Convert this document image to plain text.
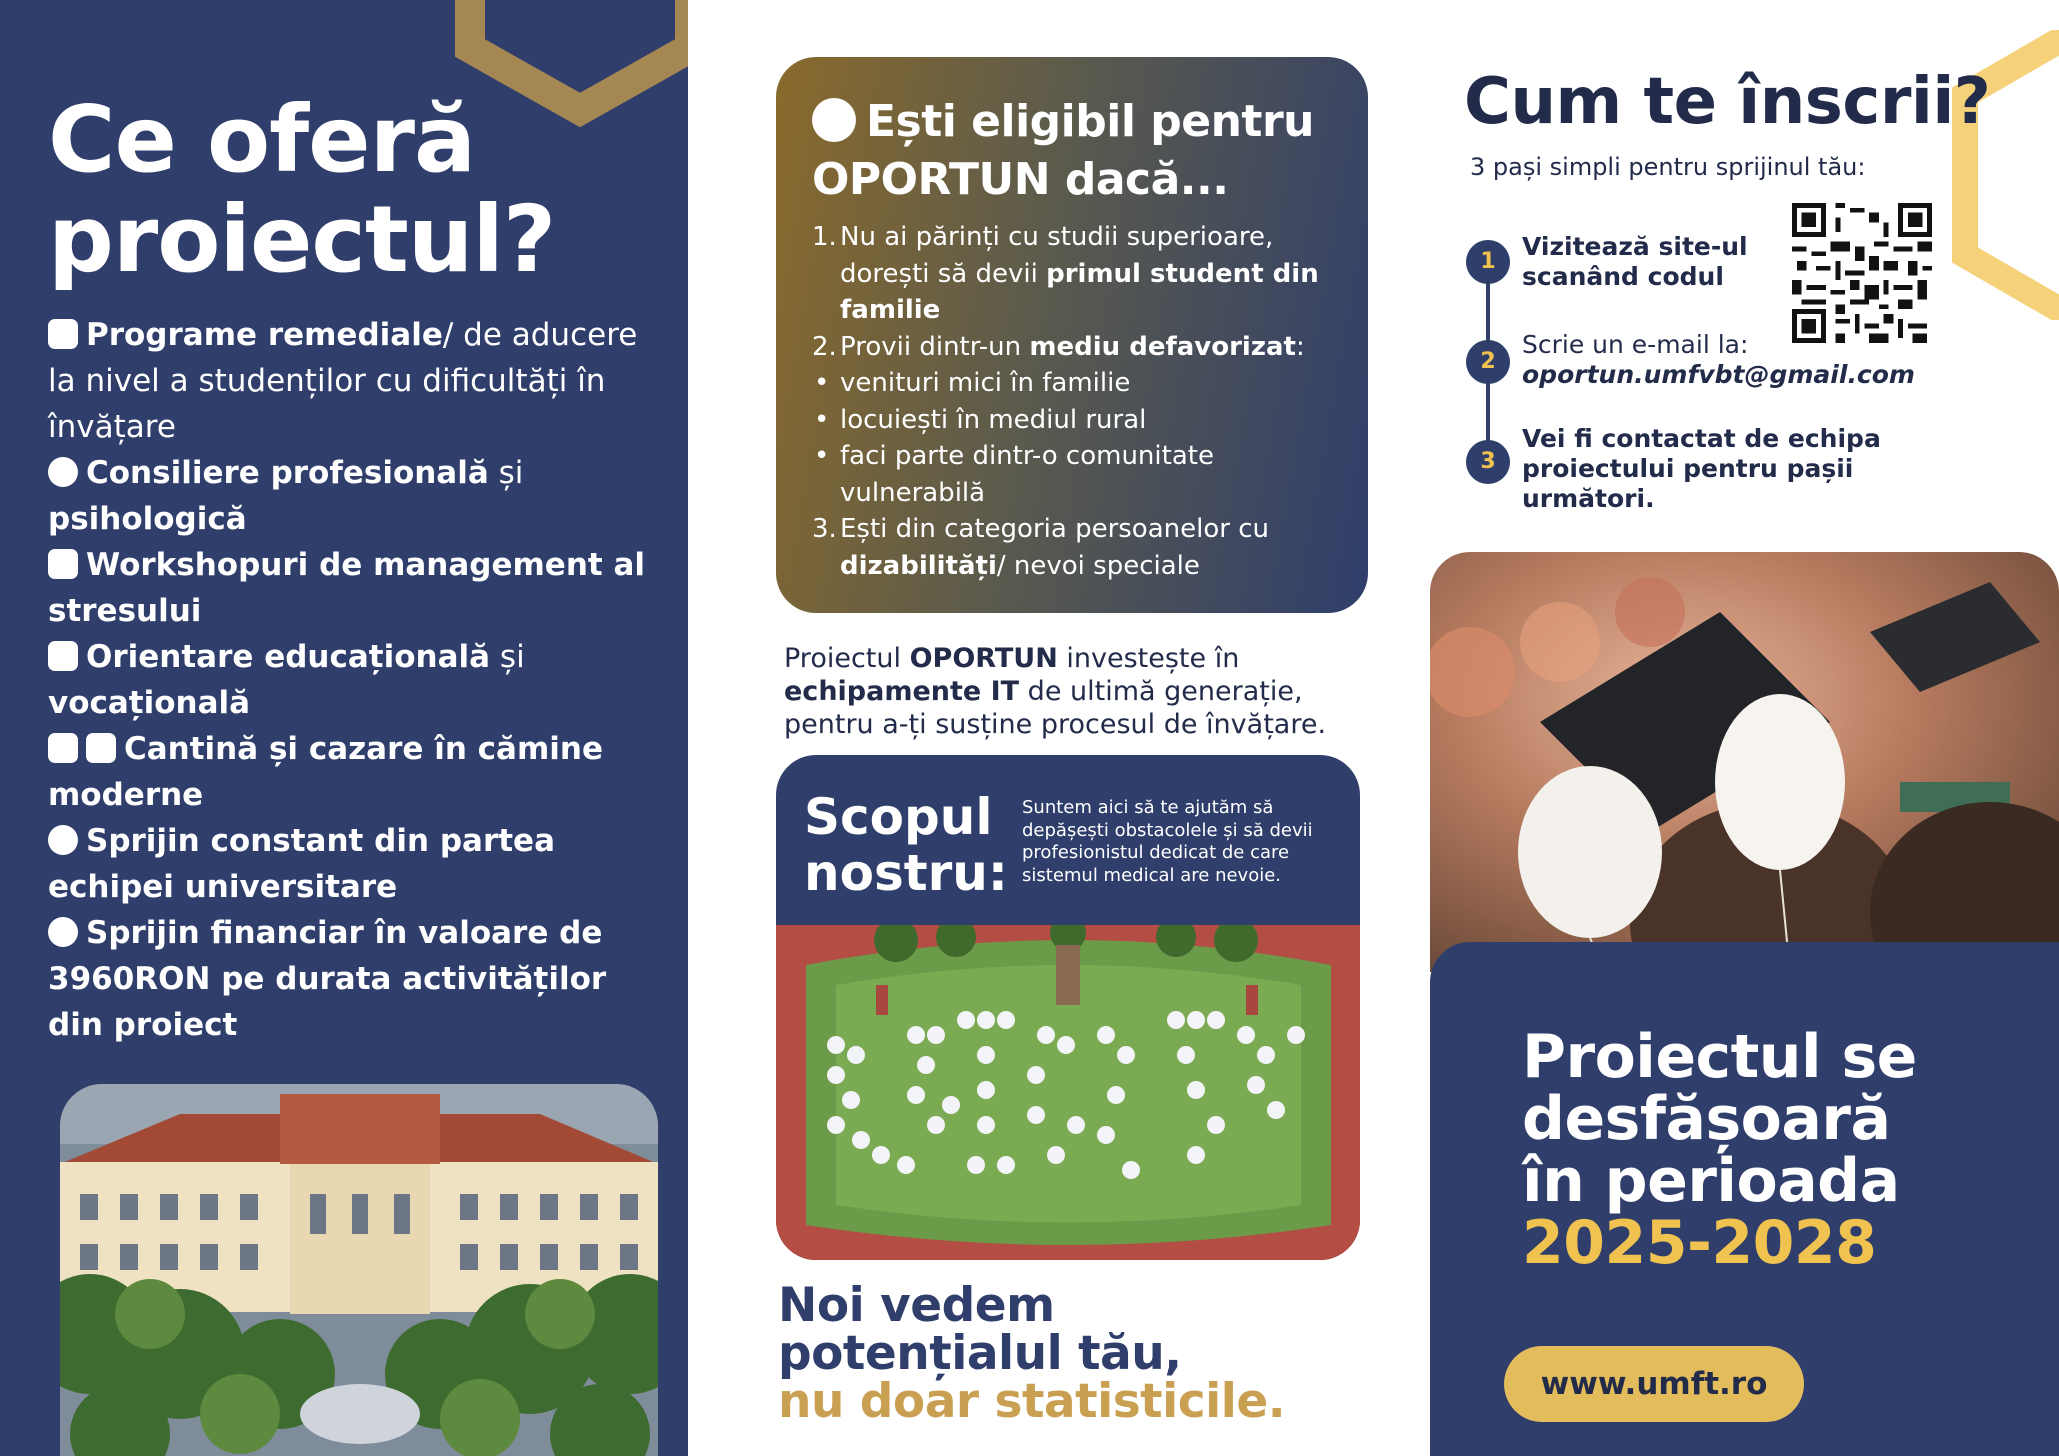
Ce oferă
proiectul?
Programe remediale/ de aducere la nivel a studenților cu dificultăți în învățare
Consiliere profesională și psihologică
Workshopuri de management al stresului
Orientare educațională și vocațională
Cantină și cazare în cămine moderne
Sprijin constant din partea echipei universitare
Sprijin financiar în valoare de 3960RON pe durata activităților din proiect
Ești eligibil pentru
OPORTUN dacă...
1. Nu ai părinți cu studii superioare, dorești să devii primul student din familie
2. Provii dintr-un mediu defavorizat:
• venituri mici în familie
• locuiești în mediul rural
• faci parte dintr-o comunitate vulnerabilă
3. Ești din categoria persoanelor cu dizabilități/ nevoi speciale

Proiectul OPORTUN investește în echipamente IT de ultimă generație, pentru a-ți susține procesul de învățare.

Scopul
nostru:

Suntem aici să te ajutăm să depășești obstacolele și să devii profesionistul dedicat de care sistemul medical are nevoie.

Noi vedem
potențialul tău,
nu doar statisticile.
Cum te înscrii?

3 pași simpli pentru sprijinul tău:

1
Vizitează site-ul
scanând codul
2
Scrie un e-mail la:
oportun.umfvbt@gmail.com
3
Vei fi contactat de echipa
proiectului pentru pașii
următori.
Proiectul se
desfășoară
în perioada
2025-2028
www.umft.ro
